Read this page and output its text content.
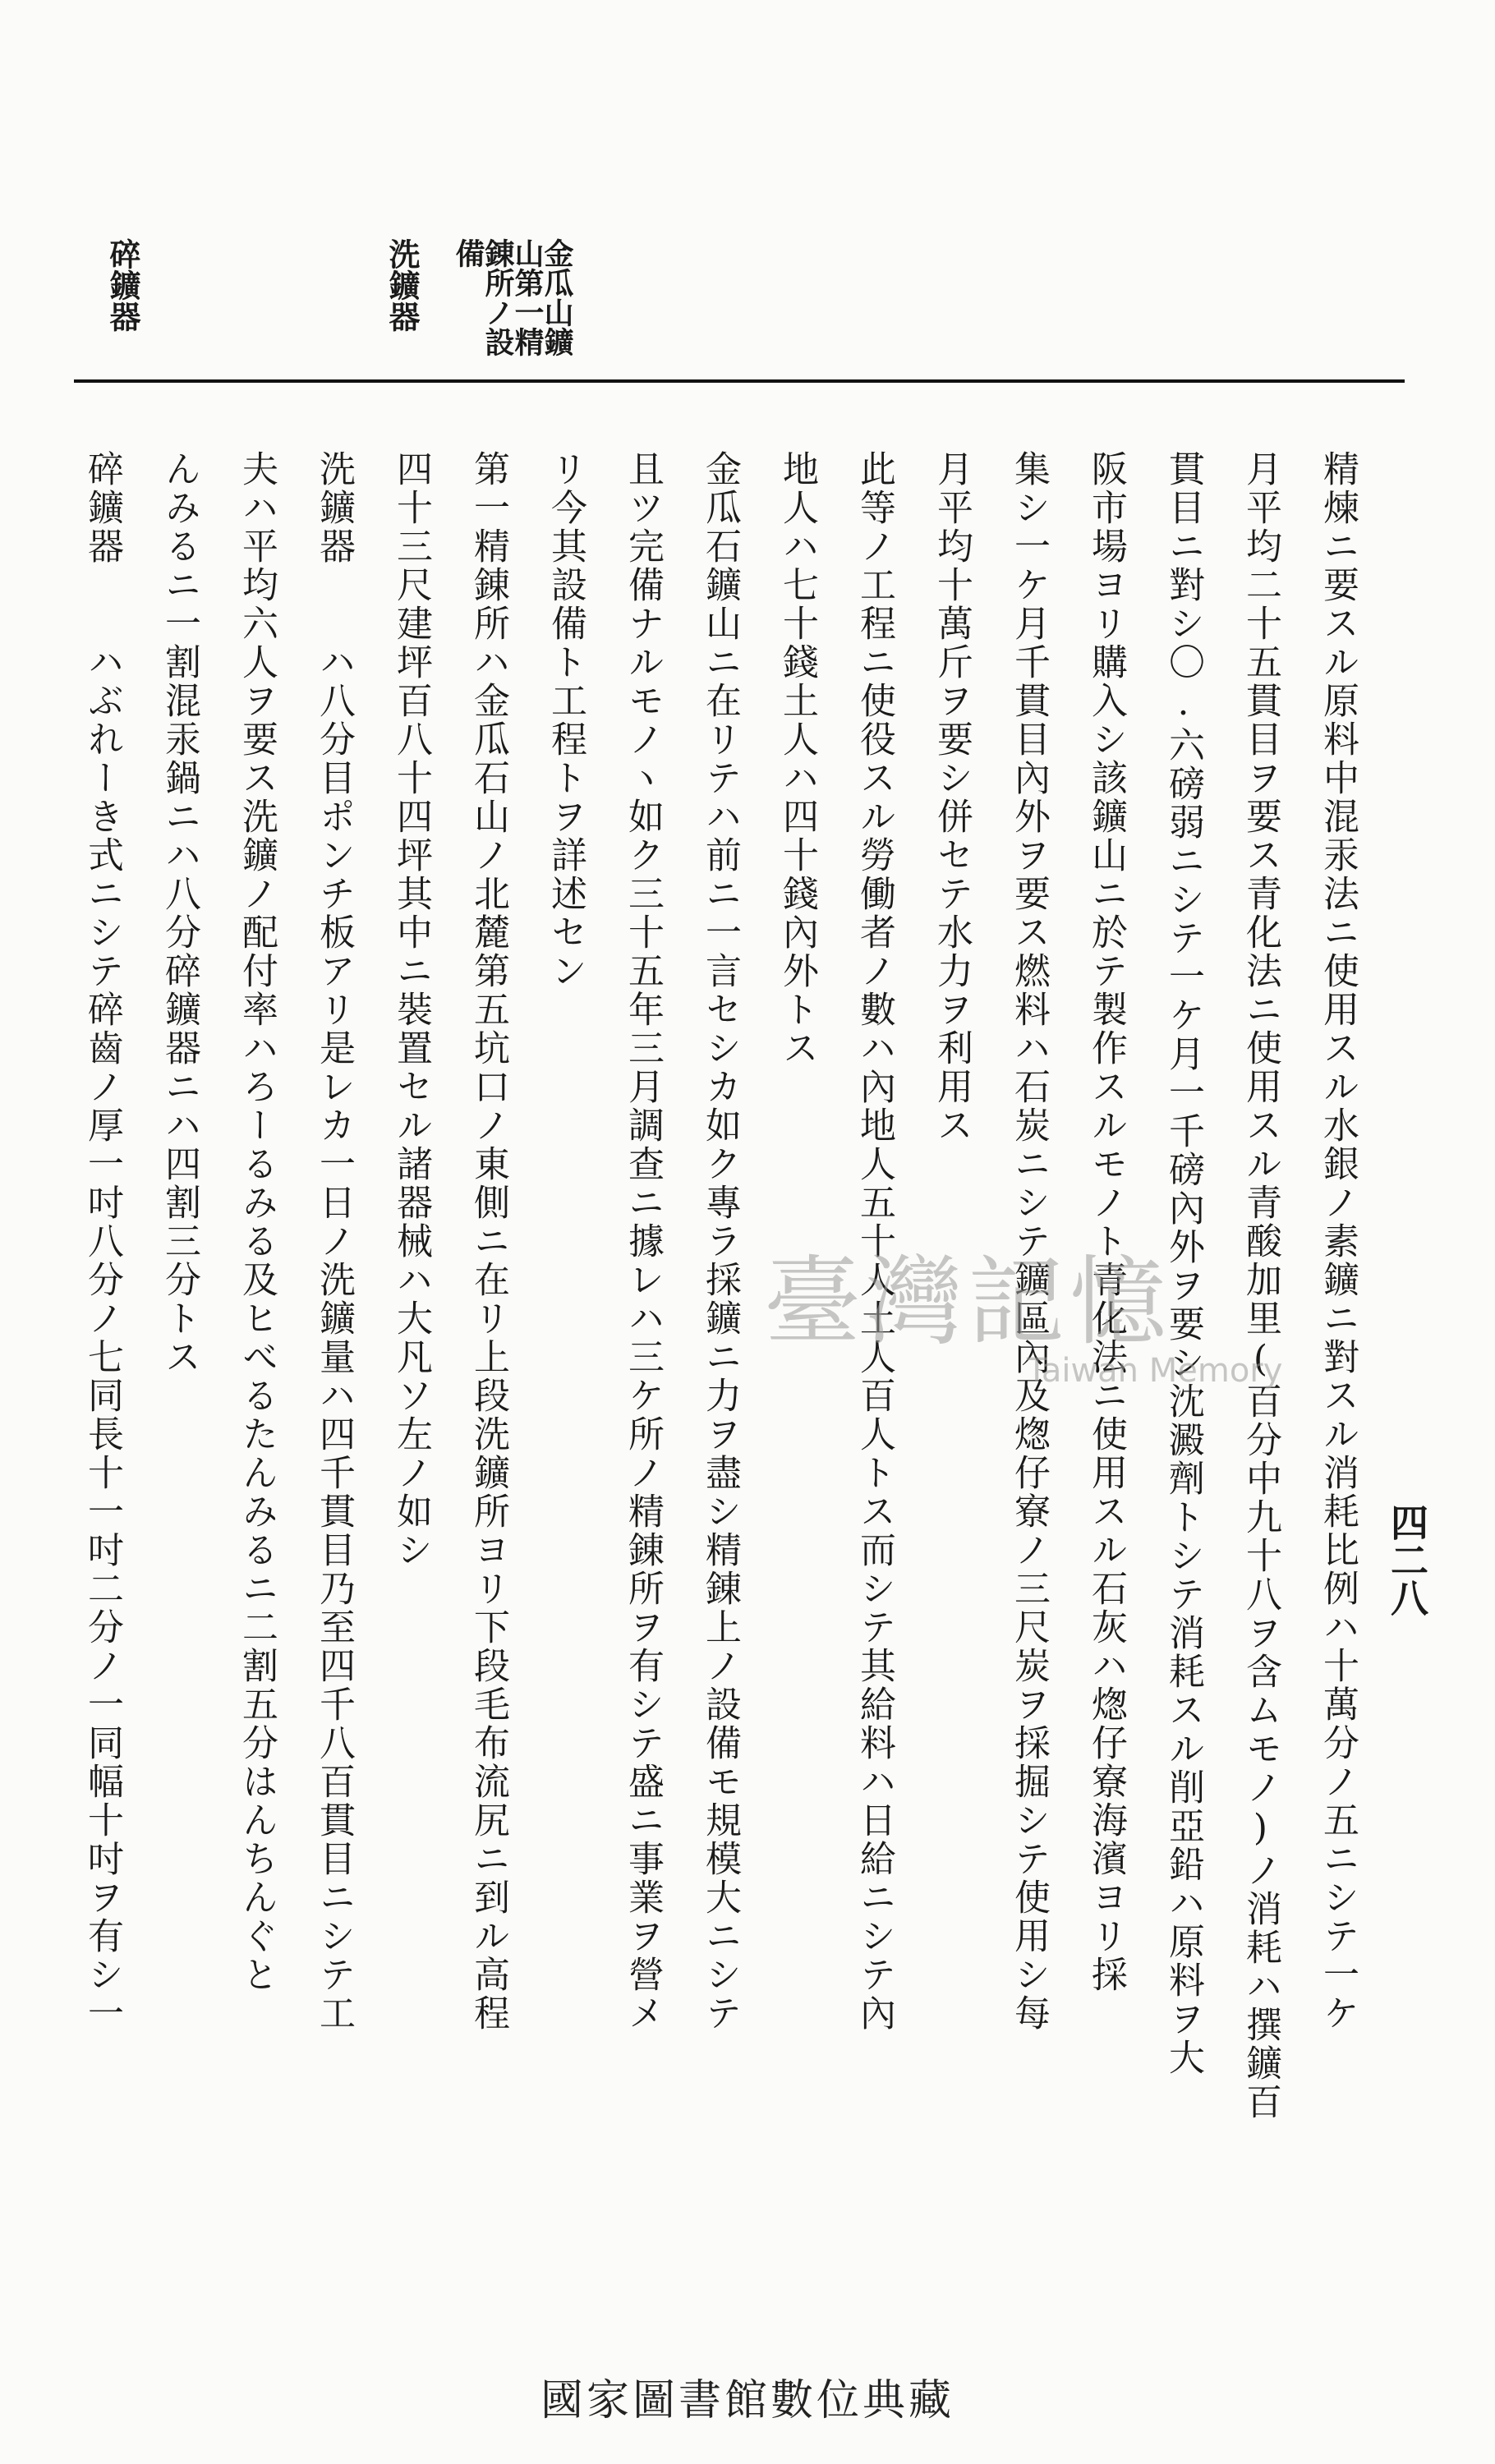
四二八
金瓜山鑛山第一精錬所ノ設備
洗鑛器
碎鑛器
精煉ニ要スル原料中混汞法ニ使用スル水銀ノ素鑛ニ對スル消耗比例ハ十萬分ノ五ニシテ一ケ
月平均二十五貫目ヲ要ス青化法ニ使用スル青酸加里(百分中九十八ヲ含ムモノ)ノ消耗ハ撰鑛百
貫目ニ對シ〇.六磅弱ニシテ一ケ月一千磅內外ヲ要シ沈澱劑トシテ消耗スル削亞鉛ハ原料ヲ大
阪市場ヨリ購入シ該鑛山ニ於テ製作スルモノト青化法ニ使用スル石灰ハ㷓仔寮海濱ヨリ採
集シ一ケ月千貫目內外ヲ要ス燃料ハ石炭ニシテ鑛區內及㷓仔寮ノ三尺炭ヲ採掘シテ使用シ每
月平均十萬斤ヲ要シ併セテ水力ヲ利用ス
此等ノ工程ニ使役スル勞働者ノ數ハ內地人五十人土人百人トス而シテ其給料ハ日給ニシテ內
地人ハ七十錢土人ハ四十錢內外トス
金瓜石鑛山ニ在リテハ前ニ一言セシカ如ク專ラ採鑛ニ力ヲ盡シ精錬上ノ設備モ規模大ニシテ
且ツ完備ナルモノヽ如ク三十五年三月調查ニ據レハ三ケ所ノ精錬所ヲ有シテ盛ニ事業ヲ營メ
リ今其設備ト工程トヲ詳述セン
第一精錬所ハ金瓜石山ノ北麓第五坑口ノ東側ニ在リ上段洗鑛所ヨリ下段毛布流尻ニ到ル高程
四十三尺建坪百八十四坪其中ニ裝置セル諸器械ハ大凡ソ左ノ如シ
洗鑛器　　ハ八分目ポンチ板アリ是レカ一日ノ洗鑛量ハ四千貫目乃至四千八百貫目ニシテ工
夫ハ平均六人ヲ要ス洗鑛ノ配付率ハろーるみる及ヒべるたんみるニ二割五分はんちんぐと
んみるニ一割混汞鍋ニハ八分碎鑛器ニハ四割三分トス
碎鑛器　　ハぶれーき式ニシテ碎齒ノ厚一吋八分ノ七同長十一吋二分ノ一同幅十吋ヲ有シ一	臺灣記憶
Taiwan Memory
國家圖書館數位典藏
